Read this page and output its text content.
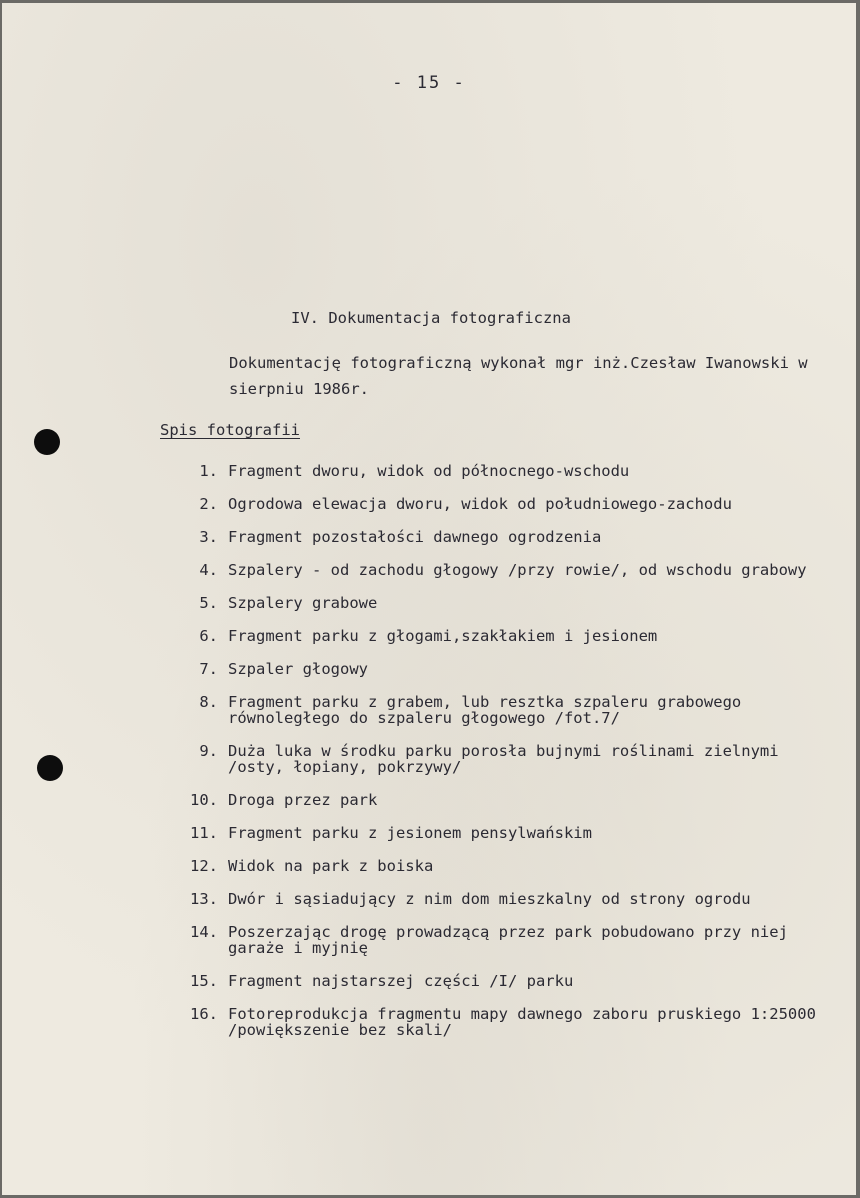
- 15 -
IV. Dokumentacja fotograficzna
Dokumentację fotograficzną wykonał mgr inż.Czesław Iwanowski w sierpniu 1986r.
Spis fotografii
1. Fragment dworu, widok od północnego-wschodu
2. Ogrodowa elewacja dworu, widok od południowego-zachodu
3. Fragment pozostałości dawnego ogrodzenia
4. Szpalery - od zachodu głogowy /przy rowie/, od wschodu grabowy
5. Szpalery grabowe
6. Fragment parku z głogami,szakłakiem i jesionem
7. Szpaler głogowy
8. Fragment parku z grabem, lub resztka szpaleru grabowego równoległego do szpaleru głogowego /fot.7/
9. Duża luka w środku parku porosła bujnymi roślinami zielnymi /osty, łopiany, pokrzywy/
10. Droga przez park
11. Fragment parku z jesionem pensylwańskim
12. Widok na park z boiska
13. Dwór i sąsiadujący z nim dom mieszkalny od strony ogrodu
14. Poszerzając drogę prowadzącą przez park pobudowano przy niej garaże i myjnię
15. Fragment najstarszej części /I/ parku
16. Fotoreprodukcja fragmentu mapy dawnego zaboru pruskiego 1:25000 /powiększenie bez skali/
